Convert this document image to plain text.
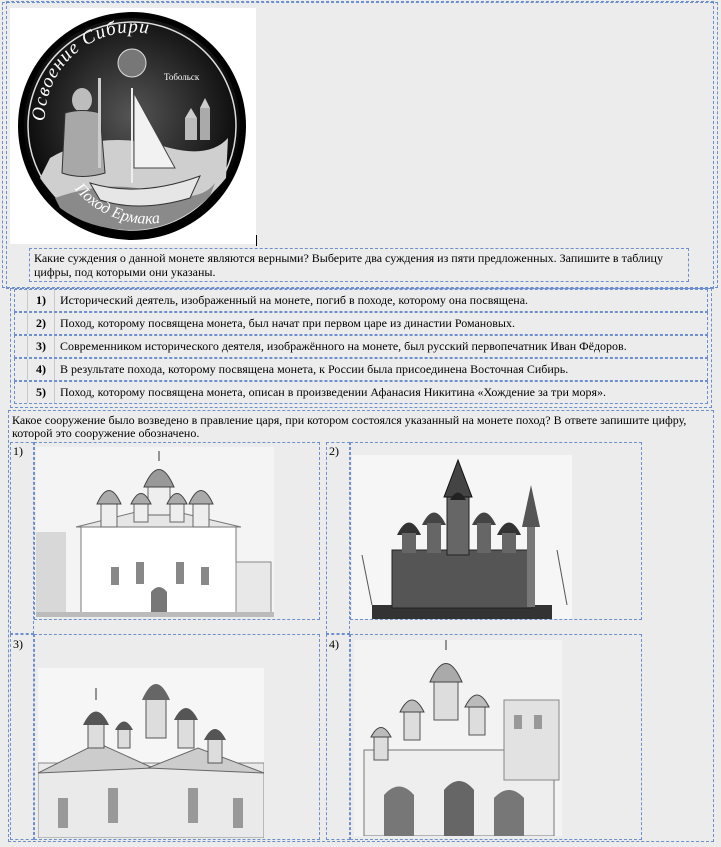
Освоение Сибири
Тобольск
Поход Ермака
Какие суждения о данной монете являются верными? Выберите два суждения из пяти предложенных. Запишите в таблицу цифры, под которыми они указаны.
1)	Исторический деятель, изображенный на монете, погиб в походе, которому она посвящена.
2)	Поход, которому посвящена монета, был начат при первом царе из династии Романовых.
3)	Современником исторического деятеля, изображённого на монете, был русский первопечатник Иван Фёдоров.
4)	В результате похода, которому посвящена монета, к России была присоединена Восточная Сибирь.
5)	Поход, которому посвящена монета, описан в произведении Афанасия Никитина «Хождение за три моря».
Какое сооружение было возведено в правление царя, при котором состоялся указанный на монете поход? В ответе запишите цифру, которой это сооружение обозначено.
1)	2)
3)	4)
